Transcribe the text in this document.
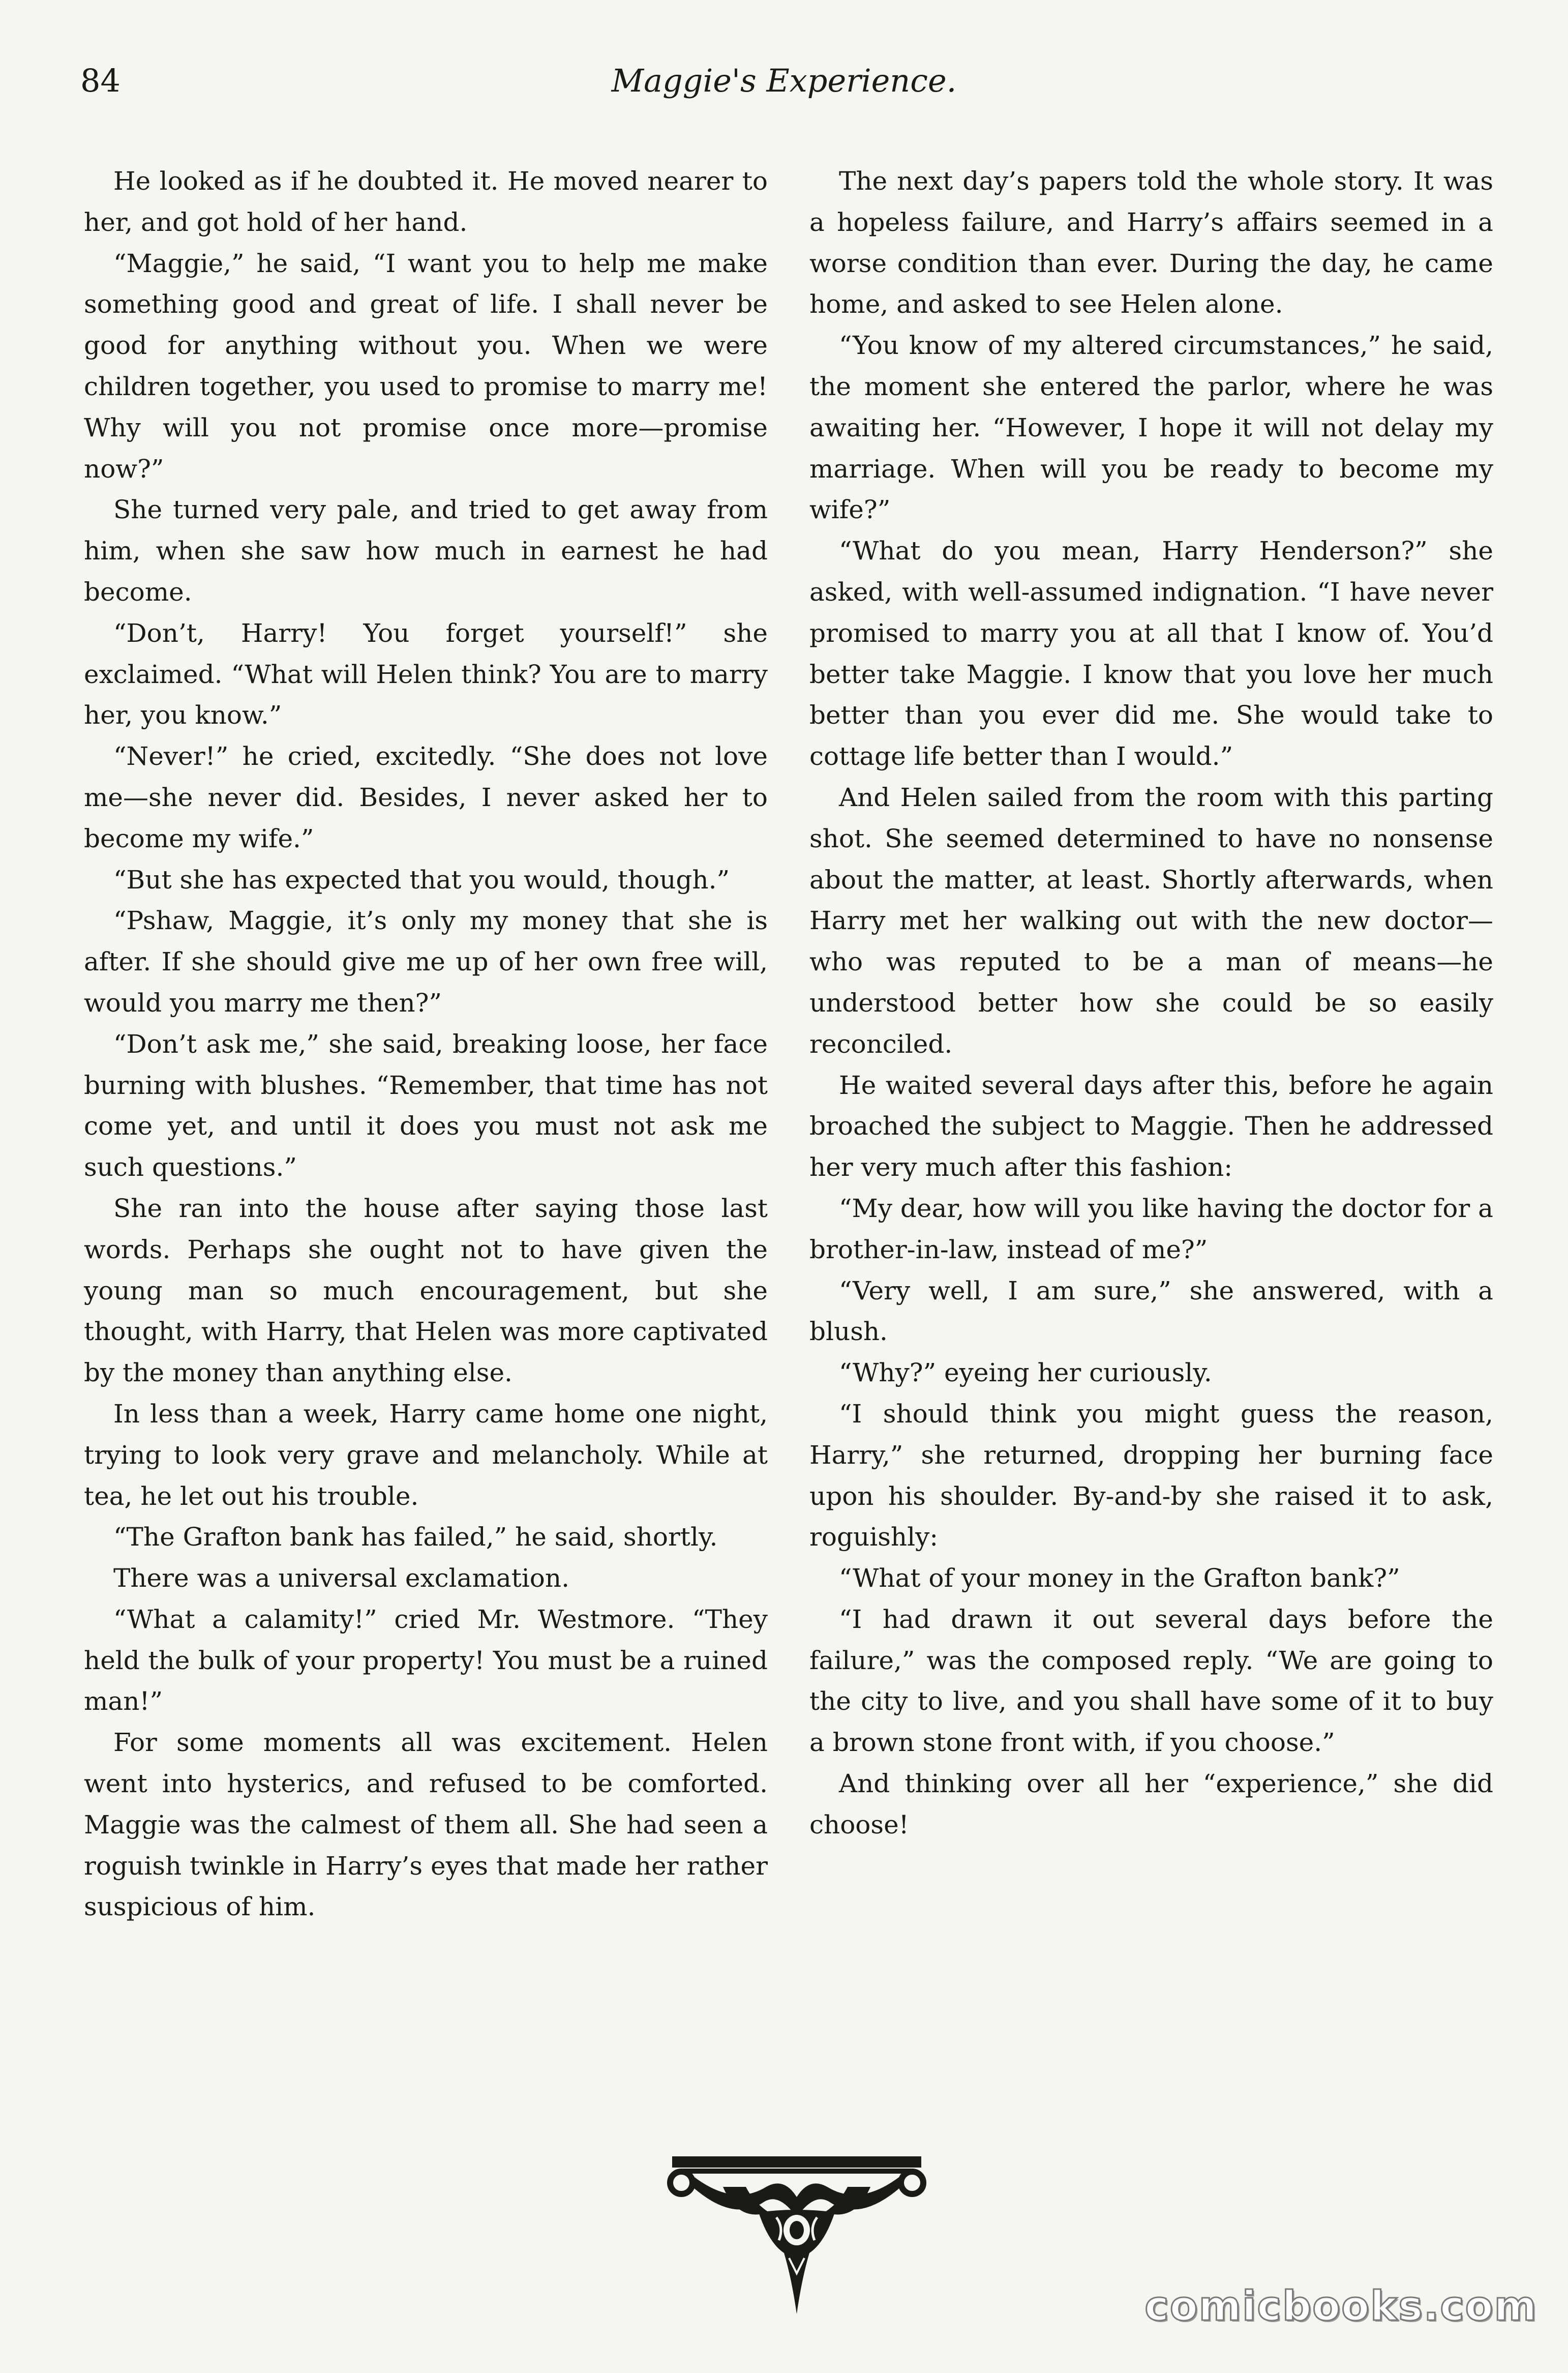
84	Maggie's Experience.

He looked as if he doubted it. He moved nearer to her, and got hold of her hand.

“Maggie,” he said, “I want you to help me make something good and great of life. I shall never be good for anything without you. When we were children together, you used to promise to marry me! Why will you not promise once more—promise now?”

She turned very pale, and tried to get away from him, when she saw how much in earnest he had become.

“Don’t, Harry! You forget yourself!” she exclaimed. “What will Helen think? You are to marry her, you know.”

“Never!” he cried, excitedly. “She does not love me—she never did. Besides, I never asked her to become my wife.”

“But she has expected that you would, though.”

“Pshaw, Maggie, it’s only my money that she is after. If she should give me up of her own free will, would you marry me then?”

“Don’t ask me,” she said, breaking loose, her face burning with blushes. “Remember, that time has not come yet, and until it does you must not ask me such questions.”

She ran into the house after saying those last words. Perhaps she ought not to have given the young man so much encouragement, but she thought, with Harry, that Helen was more captivated by the money than anything else.

In less than a week, Harry came home one night, trying to look very grave and melancholy. While at tea, he let out his trouble.

“The Grafton bank has failed,” he said, shortly.

There was a universal exclamation.

“What a calamity!” cried Mr. Westmore. “They held the bulk of your property! You must be a ruined man!”

For some moments all was excitement. Helen went into hysterics, and refused to be comforted. Maggie was the calmest of them all. She had seen a roguish twinkle in Harry’s eyes that made her rather suspicious of him.

The next day’s papers told the whole story. It was a hopeless failure, and Harry’s affairs seemed in a worse condition than ever. During the day, he came home, and asked to see Helen alone.

“You know of my altered circumstances,” he said, the moment she entered the parlor, where he was awaiting her. “However, I hope it will not delay my marriage. When will you be ready to become my wife?”

“What do you mean, Harry Henderson?” she asked, with well-assumed indignation. “I have never promised to marry you at all that I know of. You’d better take Maggie. I know that you love her much better than you ever did me. She would take to cottage life better than I would.”

And Helen sailed from the room with this parting shot. She seemed determined to have no nonsense about the matter, at least. Shortly afterwards, when Harry met her walking out with the new doctor—who was reputed to be a man of means—he understood better how she could be so easily reconciled.

He waited several days after this, before he again broached the subject to Maggie. Then he addressed her very much after this fashion:

“My dear, how will you like having the doctor for a brother-in-law, instead of me?”

“Very well, I am sure,” she answered, with a blush.

“Why?” eyeing her curiously.

“I should think you might guess the reason, Harry,” she returned, dropping her burning face upon his shoulder. By-and-by she raised it to ask, roguishly:

“What of your money in the Grafton bank?”

“I had drawn it out several days before the failure,” was the composed reply. “We are going to the city to live, and you shall have some of it to buy a brown stone front with, if you choose.”

And thinking over all her “experience,” she did choose!

comicbooks.com
